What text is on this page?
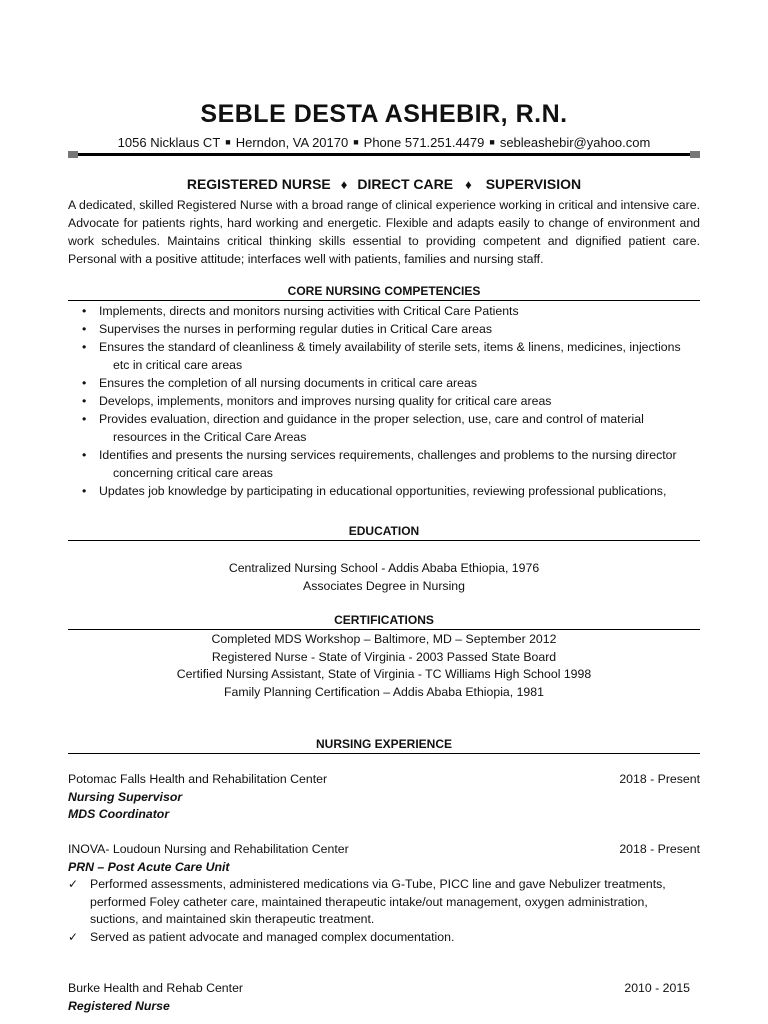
SEBLE DESTA ASHEBIR, R.N.
1056 Nicklaus CT ■ Herndon, VA 20170 ■ Phone 571.251.4479 ■ sebleashebir@yahoo.com
REGISTERED NURSE ♦ DIRECT CARE ♦ SUPERVISION
A dedicated, skilled Registered Nurse with a broad range of clinical experience working in critical and intensive care. Advocate for patients rights, hard working and energetic. Flexible and adapts easily to change of environment and work schedules. Maintains critical thinking skills essential to providing competent and dignified patient care. Personal with a positive attitude; interfaces well with patients, families and nursing staff.
CORE NURSING COMPETENCIES
• Implements, directs and monitors nursing activities with Critical Care Patients
• Supervises the nurses in performing regular duties in Critical Care areas
• Ensures the standard of cleanliness & timely availability of sterile sets, items & linens, medicines, injections
etc in critical care areas
• Ensures the completion of all nursing documents in critical care areas
• Develops, implements, monitors and improves nursing quality for critical care areas
• Provides evaluation, direction and guidance in the proper selection, use, care and control of material
resources in the Critical Care Areas
• Identifies and presents the nursing services requirements, challenges and problems to the nursing director
concerning critical care areas
• Updates job knowledge by participating in educational opportunities, reviewing professional publications,
EDUCATION
Centralized Nursing School - Addis Ababa Ethiopia, 1976
Associates Degree in Nursing
CERTIFICATIONS
Completed MDS Workshop – Baltimore, MD – September 2012
Registered Nurse - State of Virginia - 2003 Passed State Board
Certified Nursing Assistant, State of Virginia - TC Williams High School 1998
Family Planning Certification – Addis Ababa Ethiopia, 1981
NURSING EXPERIENCE
Potomac Falls Health and Rehabilitation Center	2018 - Present
Nursing Supervisor
MDS Coordinator
INOVA- Loudoun Nursing and Rehabilitation Center	2018 - Present
PRN – Post Acute Care Unit
✓ Performed assessments, administered medications via G-Tube, PICC line and gave Nebulizer treatments,
performed Foley catheter care, maintained therapeutic intake/out management, oxygen administration,
suctions, and maintained skin therapeutic treatment.
✓ Served as patient advocate and managed complex documentation.
Burke Health and Rehab Center	2010 - 2015
Registered Nurse
